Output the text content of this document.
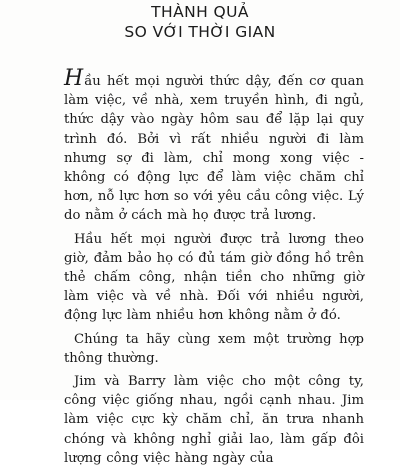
THÀNH QUẢ
SO VỚI THỜI GIAN

Hầu hết mọi người thức dậy, đến cơ quan làm việc, về nhà, xem truyền hình, đi ngủ, thức dậy vào ngày hôm sau để lặp lại quy trình đó. Bởi vì rất nhiều người đi làm nhưng sợ đi làm, chỉ mong xong việc - không có động lực để làm việc chăm chỉ hơn, nỗ lực hơn so với yêu cầu công việc. Lý do nằm ở cách mà họ được trả lương.

Hầu hết mọi người được trả lương theo giờ, đảm bảo họ có đủ tám giờ đồng hồ trên thẻ chấm công, nhận tiền cho những giờ làm việc và về nhà. Đối với nhiều người, động lực làm nhiều hơn không nằm ở đó.

Chúng ta hãy cùng xem một trường hợp thông thường.

Jim và Barry làm việc cho một công ty, công việc giống nhau, ngồi cạnh nhau. Jim làm việc cực kỳ chăm chỉ, ăn trưa nhanh chóng và không nghỉ giải lao, làm gấp đôi lượng công việc hàng ngày của
